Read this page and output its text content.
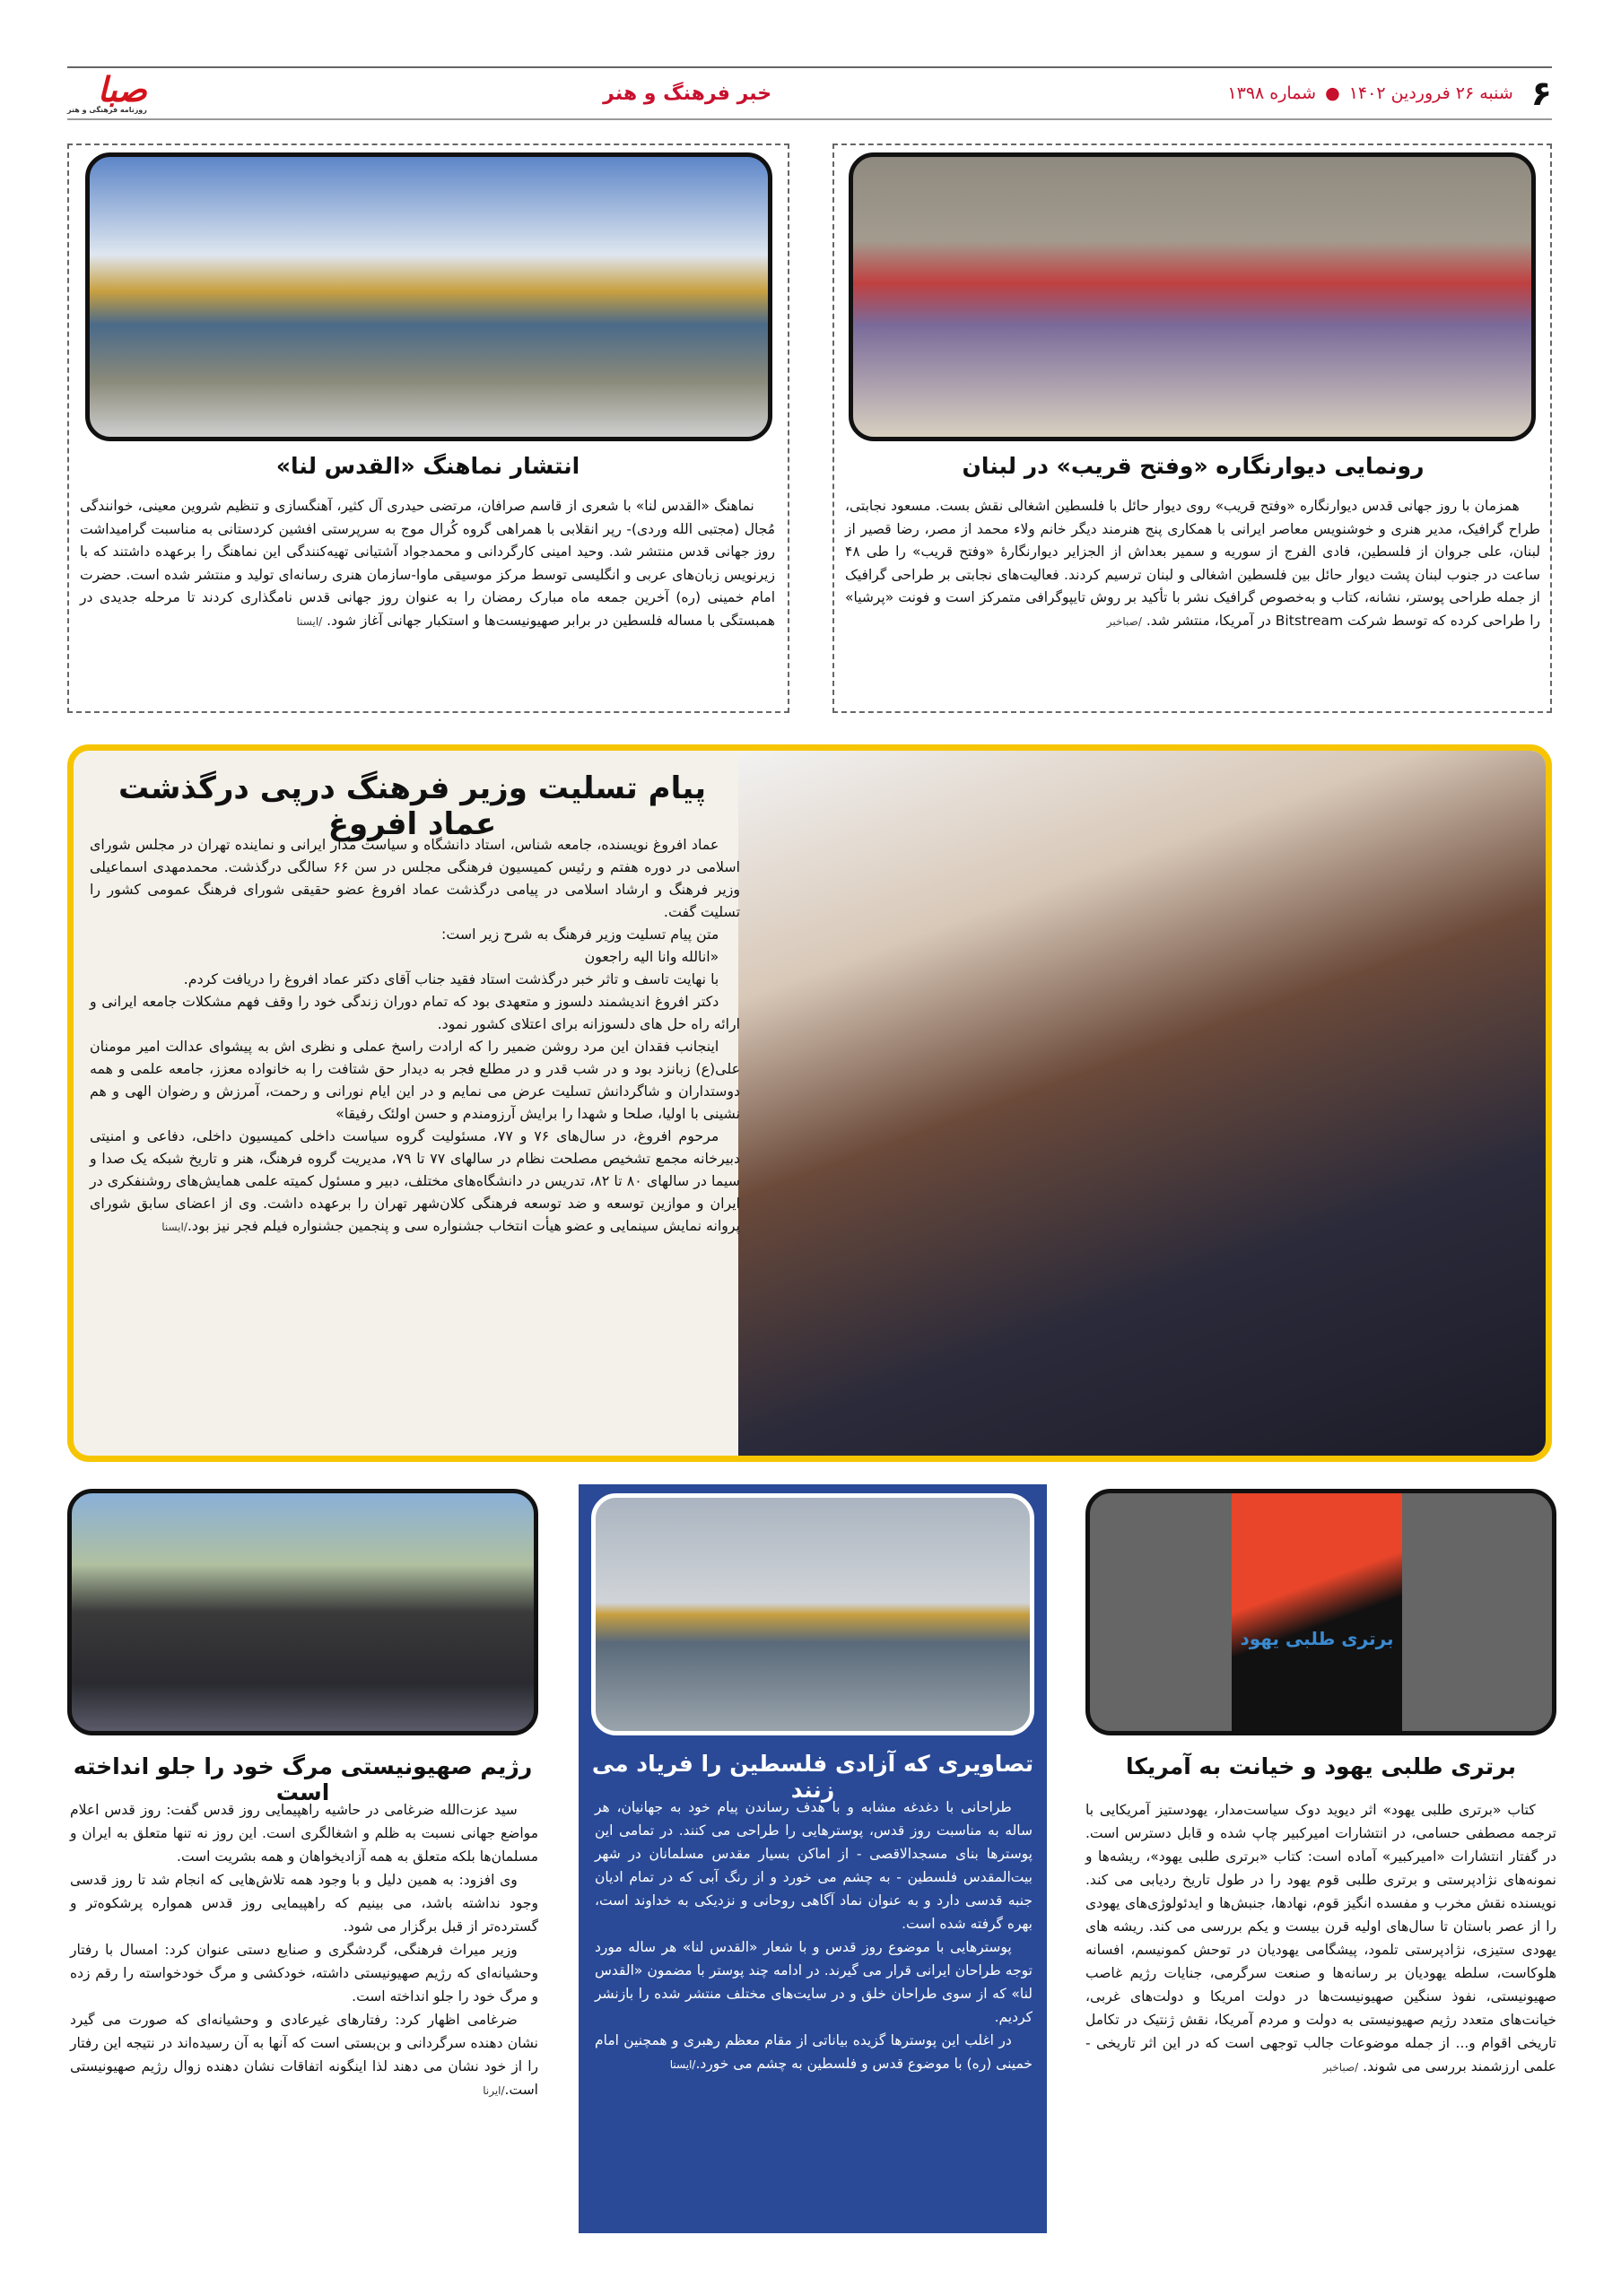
۶
شنبه ۲۶ فروردین ۱۴۰۲
●
شماره ۱۳۹۸
خبر فرهنگ و هنر
صبا
روزنامه فرهنگی و هنر
رونمایی دیوارنگاره «وفتح قریب» در لبنان

همزمان با روز جهانی قدس دیوارنگاره «وفتح قریب» روی دیوار حائل با فلسطین اشغالی نقش بست. مسعود نجابتی، طراح گرافیک، مدیر هنری و خوشنویس معاصر ایرانی با همکاری پنج هنرمند دیگر خانم ولاء محمد از مصر، رضا قصیر از لبنان، علی جروان از فلسطین، فادی الفرج از سوریه و سمیر بعداش از الجزایر دیوارنگارهٔ «وفتح قریب» را طی ۴۸ ساعت در جنوب لبنان پشت دیوار حائل بین فلسطین اشغالی و لبنان ترسیم کردند. فعالیت‌های نجابتی بر طراحی گرافیک از جمله طراحی پوستر، نشانه، کتاب و به‌خصوص گرافیک نشر با تأکید بر روش تایپوگرافی متمرکز است و فونت «پرشیا» را طراحی کرده که توسط شرکت Bitstream در آمریکا، منتشر شد. /صباخبر

انتشار نماهنگ «القدس لنا»

نماهنگ «القدس لنا» با شعری از قاسم صرافان، مرتضی حیدری آل کثیر، آهنگسازی و تنظیم شروین معینی، خوانندگی مُجال (مجتبی الله وردی)- رپر انقلابی با همراهی گروه کُرال موج به سرپرستی افشین کردستانی به مناسبت گرامیداشت روز جهانی قدس منتشر شد. وحید امینی کارگردانی و محمدجواد آشتیانی تهیه‌کنندگی این نماهنگ را برعهده داشتند که با زیرنویس زبان‌های عربی و انگلیسی توسط مرکز موسیقی ماوا-سازمان هنری رسانه‌ای تولید و منتشر شده است. حضرت امام خمینی (ره) آخرین جمعه ماه مبارک رمضان را به عنوان روز جهانی قدس نامگذاری کردند تا مرحله جدیدی در همبستگی با مساله فلسطین در برابر صهیونیست‌ها و استکبار جهانی آغاز شود. /ایسنا

پیام تسلیت وزیر فرهنگ درپی درگذشت عماد افروغ

عماد افروغ نویسنده، جامعه شناس، استاد دانشگاه و سیاست مدار ایرانی و نماینده تهران در مجلس شورای اسلامی در دوره هفتم و رئیس کمیسیون فرهنگی مجلس در سن ۶۶ سالگی درگذشت. محمدمهدی اسماعیلی وزیر فرهنگ و ارشاد اسلامی در پیامی درگذشت عماد افروغ عضو حقیقی شورای فرهنگ عمومی کشور را تسلیت گفت.

متن پیام تسلیت وزیر فرهنگ به شرح زیر است:

«انالله وانا الیه راجعون

با نهایت تاسف و تاثر خبر درگذشت استاد فقید جناب آقای دکتر عماد افروغ را دریافت کردم.

دکتر افروغ اندیشمند دلسوز و متعهدی بود که تمام دوران زندگی خود را وقف فهم مشکلات جامعه ایرانی و ارائه راه حل های دلسوزانه برای اعتلای کشور نمود.

اینجانب فقدان این مرد روشن ضمیر را که ارادت راسخ عملی و نظری اش به پیشوای عدالت امیر مومنان علی(ع) زبانزد بود و در شب قدر و در مطلع فجر به دیدار حق شتافت را به خانواده معزز، جامعه علمی و همه دوستداران و شاگردانش تسلیت عرض می نمایم و در این ایام نورانی و رحمت، آمرزش و رضوان الهی و هم نشینی با اولیا، صلحا و شهدا را برایش آرزومندم و حسن اولئک رفیقا»

مرحوم افروغ، در سال‌های ۷۶ و ۷۷، مسئولیت گروه سیاست داخلی کمیسیون داخلی، دفاعی و امنیتی دبیرخانه مجمع تشخیص مصلحت نظام در سالهای ۷۷ تا ۷۹، مدیریت گروه فرهنگ، هنر و تاریخ شبکه یک صدا و سیما در سالهای ۸۰ تا ۸۲، تدریس در دانشگاه‌های مختلف، دبیر و مسئول کمیته علمی همایش‌های روشنفکری در ایران و موازین توسعه و ضد توسعه فرهنگی کلان‌شهر تهران را برعهده داشت. وی از اعضای سابق شورای پروانه نمایش سینمایی و عضو هیأت انتخاب جشنواره سی و پنجمین جشنواره فیلم فجر نیز بود./ایسنا

برتری طلبی یهود
برتری طلبی یهود و خیانت به آمریکا

کتاب «برتری طلبی یهود» اثر دیوید دوک سیاست‌مدار، یهودستیز آمریکایی با ترجمه مصطفی حسامی، در انتشارات امیرکبیر چاپ شده و قابل دسترس است. در گفتار انتشارات «امیرکبیر» آماده است: کتاب «برتری طلبی یهود»، ریشه‌ها و نمونه‌های نژادپرستی و برتری طلبی قوم یهود را در طول تاریخ ردیابی می کند. نویسنده نقش مخرب و مفسده انگیز قوم، نهادها، جنبش‌ها و ایدئولوژی‌های یهودی را از عصر باستان تا سال‌های اولیه قرن بیست و یکم بررسی می کند. ریشه های یهودی ستیزی، نژادپرستی تلمود، پیشگامی یهودیان در توحش کمونیسم، افسانه هلوکاست، سلطه یهودیان بر رسانه‌ها و صنعت سرگرمی، جنایات رژیم غاصب صهیونیستی، نفوذ سنگین صهیونیست‌ها در دولت امریکا و دولت‌های غربی، خیانت‌های متعدد رژیم صهیونیستی به دولت و مردم آمریکا، نقش ژنتیک در تکامل تاریخی اقوام و... از جمله موضوعات جالب توجهی است که در این اثر تاریخی - علمی ارزشمند بررسی می شوند. /صباخبر

تصاویری که آزادی فلسطین را فریاد می زنند

طراحانی با دغدغه مشابه و با هدف رساندن پیام خود به جهانیان، هر ساله به مناسبت روز قدس، پوسترهایی را طراحی می کنند. در تمامی این پوسترها بنای مسجدالاقصی - از اماکن بسیار مقدس مسلمانان در شهر بیت‌المقدس فلسطین - به چشم می خورد و از رنگ آبی که در تمام ادیان جنبه قدسی دارد و به عنوان نماد آگاهی روحانی و نزدیکی به خداوند است، بهره گرفته شده است.

پوسترهایی با موضوع روز قدس و با شعار «القدس لنا» هر ساله مورد توجه طراحان ایرانی قرار می گیرند. در ادامه چند پوستر با مضمون «القدس لنا» که از سوی طراحان خلق و در سایت‌های مختلف منتشر شده را بازنشر کردیم.

در اغلب این پوسترها گزیده بیاناتی از مقام معظم رهبری و همچنین امام خمینی (ره) با موضوع قدس و فلسطین به چشم می خورد./ایسنا

رژیم صهیونیستی مرگ خود را جلو انداخته است

سید عزت‌الله ضرغامی در حاشیه راهپیمایی روز قدس گفت: روز قدس اعلام مواضع جهانی نسبت به ظلم و اشغالگری است. این روز نه تنها متعلق به ایران و مسلمان‌ها بلکه متعلق به همه آزادیخواهان و همه بشریت است.

وی افزود: به همین دلیل و با وجود همه تلاش‌هایی که انجام شد تا روز قدسی وجود نداشته باشد، می بینیم که راهپیمایی روز قدس همواره پرشکوه‌تر و گسترده‌تر از قبل برگزار می شود.

وزیر میراث فرهنگی، گردشگری و صنایع دستی عنوان کرد: امسال با رفتار وحشیانه‌ای که رژیم صهیونیستی داشته، خودکشی و مرگ خودخواسته را رقم زده و مرگ خود را جلو انداخته است.

ضرغامی اظهار کرد: رفتارهای غیرعادی و وحشیانه‌ای که صورت می گیرد نشان دهنده سرگردانی و بن‌بستی است که آنها به آن رسیده‌اند در نتیجه این رفتار را از خود نشان می دهند لذا اینگونه اتفاقات نشان دهنده زوال رژیم صهیونیستی است./ایرنا
